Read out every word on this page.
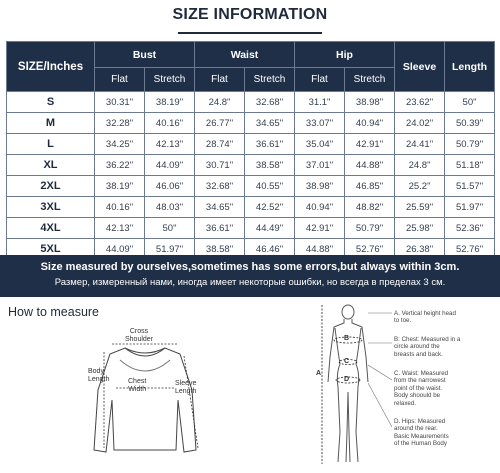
SIZE INFORMATION
SIZE/Inches	Bust		Waist		Hip		Sleeve	Length
	Flat	Stretch	Flat	Stretch	Flat	Stretch		
S	30.31"	38.19"	24.8"	32.68"	31.1"	38.98"	23.62"	50"
M	32.28"	40.16"	26.77"	34.65"	33.07"	40.94"	24.02"	50.39"
L	34.25"	42.13"	28.74"	36.61"	35.04"	42.91"	24.41"	50.79"
XL	36.22"	44.09"	30.71"	38.58"	37.01"	44.88"	24.8"	51.18"
2XL	38.19"	46.06"	32.68"	40.55"	38.98"	46.85"	25.2"	51.57"
3XL	40.16"	48.03"	34.65"	42.52"	40.94"	48.82"	25.59"	51.97"
4XL	42.13"	50"	36.61"	44.49"	42.91"	50.79"	25.98"	52.36"
5XL	44.09"	51.97"	38.58"	46.46"	44.88"	52.76"	26.38"	52.76"
Size measured by ourselves,sometimes has some errors,but always within 3cm.
Размер, измеренный нами, иногда имеет некоторые ошибки, но всегда в пределах 3 см.
How to measure
Cross
Shoulder
Body
Length	Chest
Width
Sleeve
Length
A
B
C
D
A. Vertical height head
to toe.
B: Chest: Measured in a
circle around the
breasts and back.
C. Waist: Measured
from the narrowest
point of the waist.
Body shoould be
relaxed.
D. Hips: Measured
around the rear.
Basic Meaurements
of the Human Body
